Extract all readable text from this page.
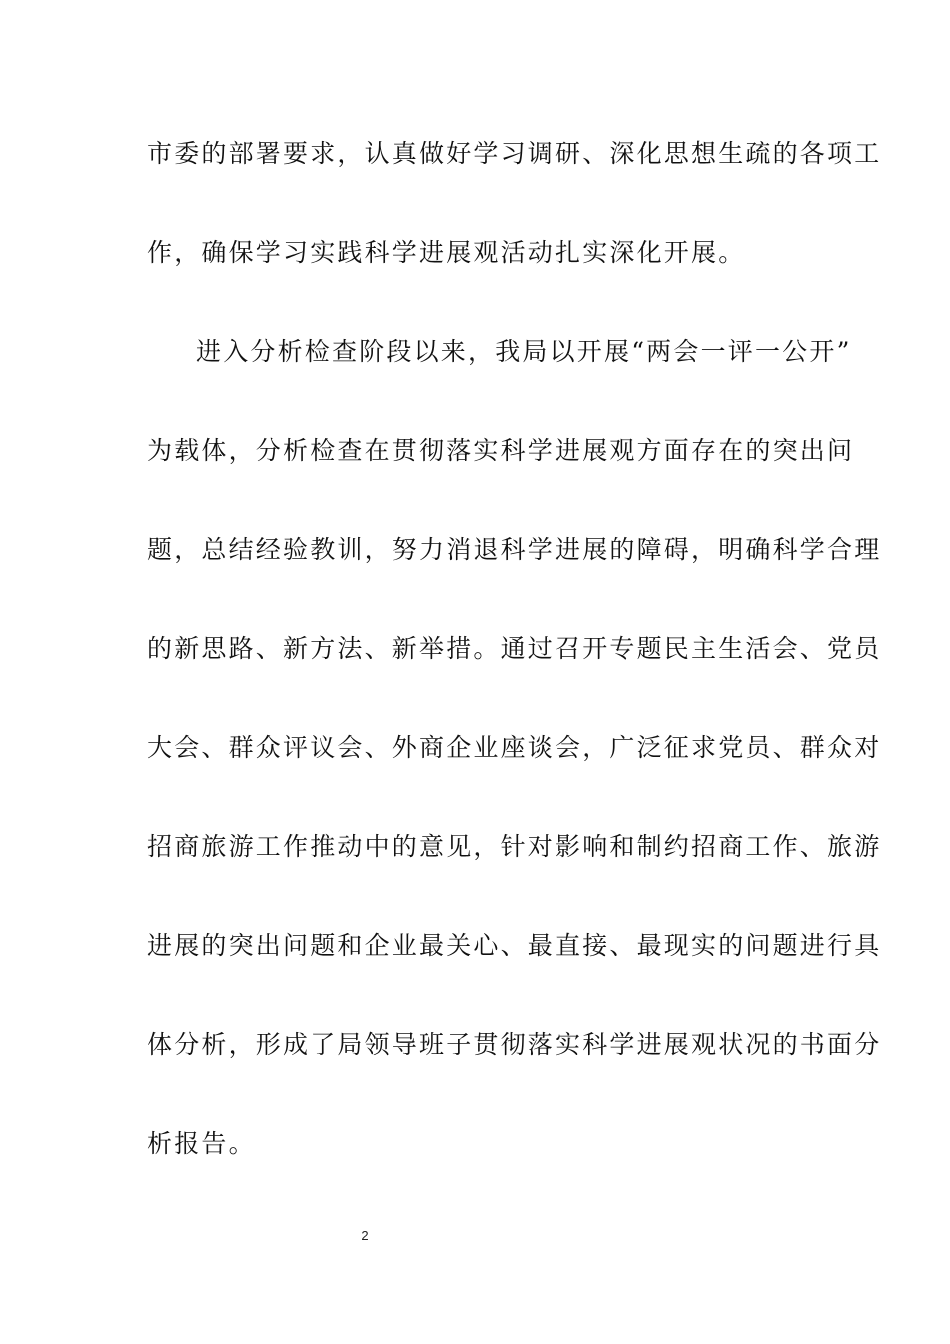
市委的部署要求，认真做好学习调研、深化思想生疏的各项工
作，确保学习实践科学进展观活动扎实深化开展。
进入分析检查阶段以来，我局以开展“两会一评一公开”
为载体，分析检查在贯彻落实科学进展观方面存在的突出问
题，总结经验教训，努力消退科学进展的障碍，明确科学合理
的新思路、新方法、新举措。通过召开专题民主生活会、党员
大会、群众评议会、外商企业座谈会，广泛征求党员、群众对
招商旅游工作推动中的意见，针对影响和制约招商工作、旅游
进展的突出问题和企业最关心、最直接、最现实的问题进行具
体分析，形成了局领导班子贯彻落实科学进展观状况的书面分
析报告。
2
